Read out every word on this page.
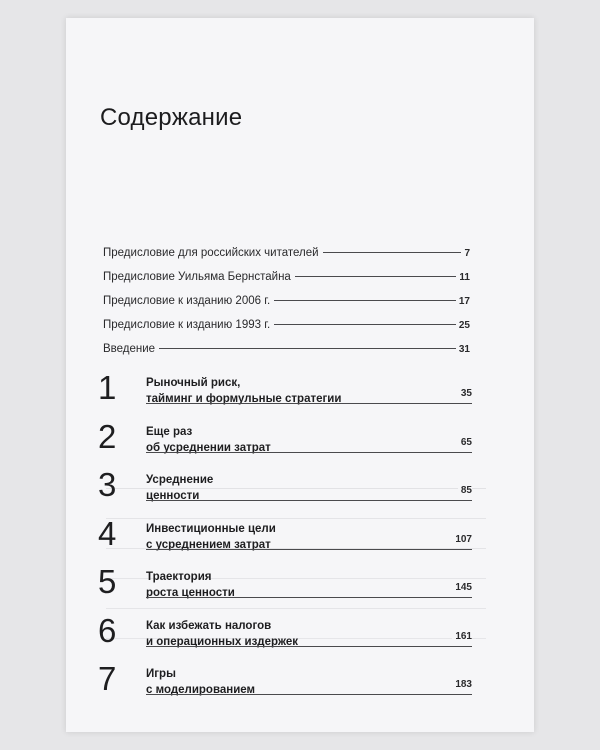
Содержание
Предисловие для российских читателей	7
Предисловие Уильяма Бернстайна	11
Предисловие к изданию 2006 г.	17
Предисловие к изданию 1993 г.	25
Введение	31
1	Рыночный риск,
тайминг и формульные стратегии	35
2	Еще раз
об усреднении затрат	65
3	Усреднение
ценности	85
4	Инвестиционные цели
с усреднением затрат	107
5	Траектория
роста ценности	145
6	Как избежать налогов
и операционных издержек	161
7	Игры
с моделированием	183
